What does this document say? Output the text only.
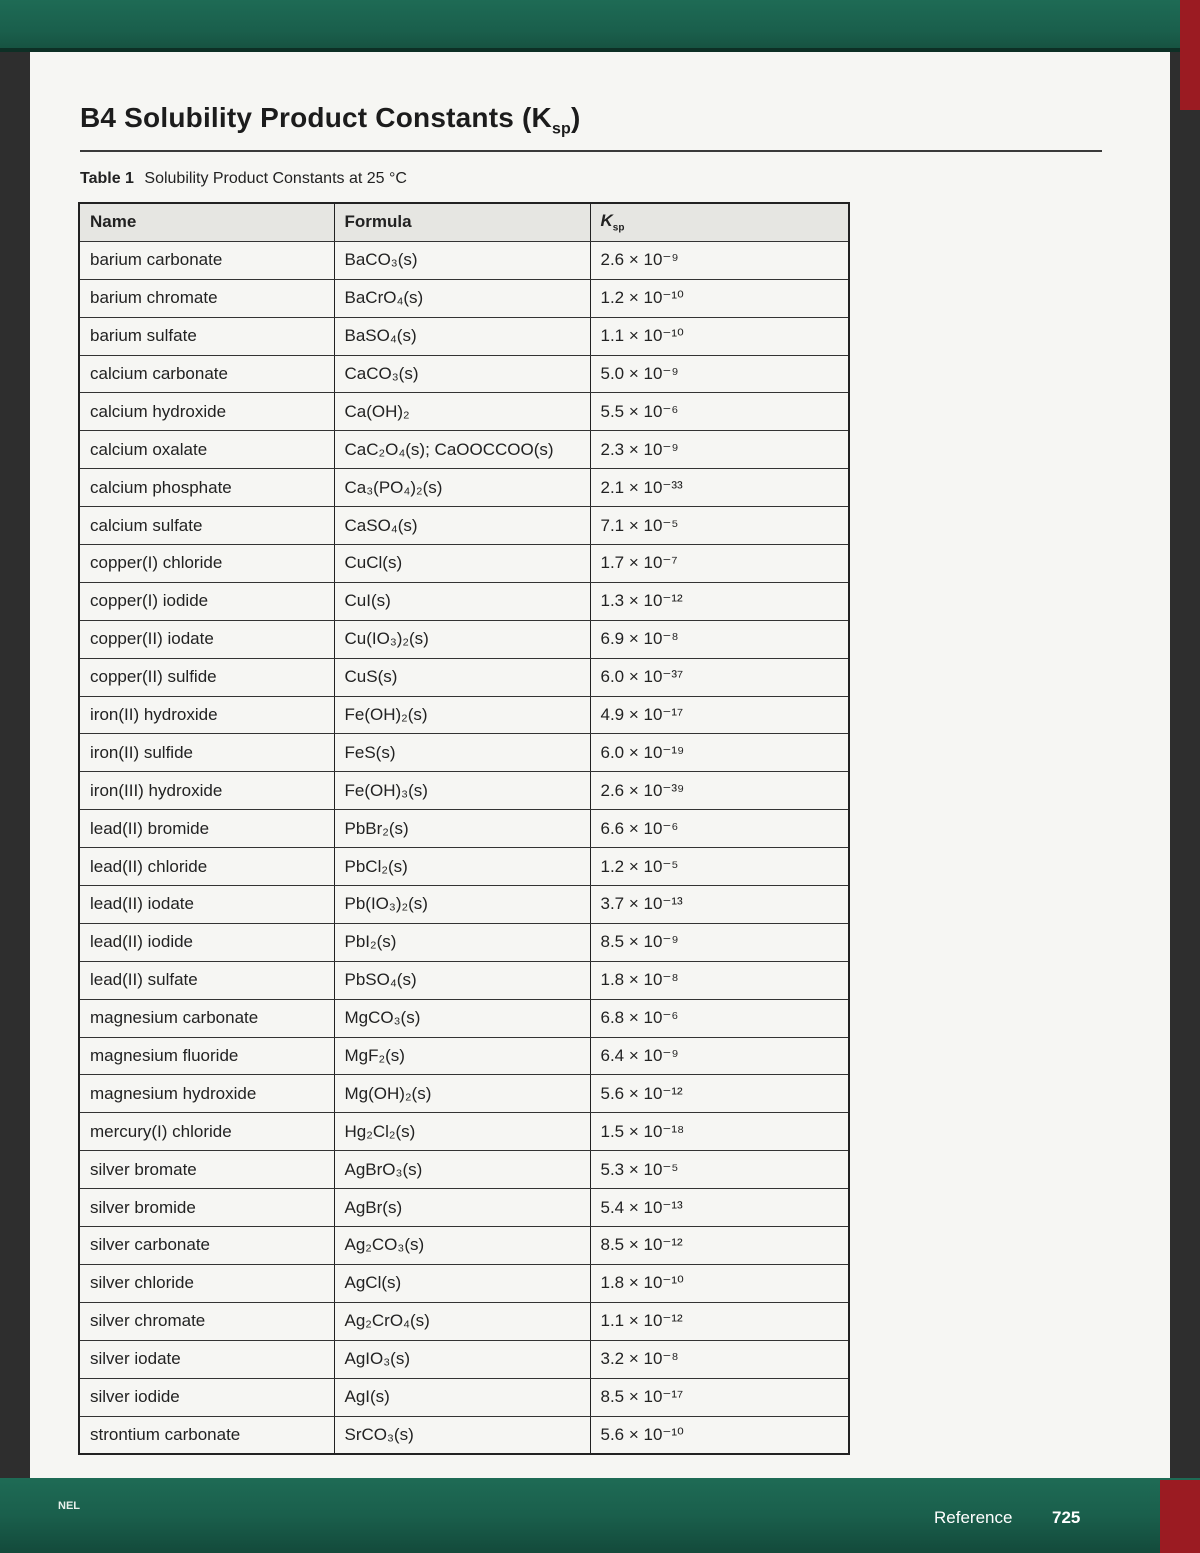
B4 Solubility Product Constants $(K_{sp})$
Table 1 Solubility Product Constants at 25 °C
Name	Formula	$K_{sp}$
barium carbonate	BaCO₃(s)	2.6 × 10⁻⁹
barium chromate	BaCrO₄(s)	1.2 × 10⁻¹⁰
barium sulfate	BaSO₄(s)	1.1 × 10⁻¹⁰
calcium carbonate	CaCO₃(s)	5.0 × 10⁻⁹
calcium hydroxide	Ca(OH)₂	5.5 × 10⁻⁶
calcium oxalate	CaC₂O₄(s); CaOOCCOO(s)	2.3 × 10⁻⁹
calcium phosphate	Ca₃(PO₄)₂(s)	2.1 × 10⁻³³
calcium sulfate	CaSO₄(s)	7.1 × 10⁻⁵
copper(I) chloride	CuCl(s)	1.7 × 10⁻⁷
copper(I) iodide	CuI(s)	1.3 × 10⁻¹²
copper(II) iodate	Cu(IO₃)₂(s)	6.9 × 10⁻⁸
copper(II) sulfide	CuS(s)	6.0 × 10⁻³⁷
iron(II) hydroxide	Fe(OH)₂(s)	4.9 × 10⁻¹⁷
iron(II) sulfide	FeS(s)	6.0 × 10⁻¹⁹
iron(III) hydroxide	Fe(OH)₃(s)	2.6 × 10⁻³⁹
lead(II) bromide	PbBr₂(s)	6.6 × 10⁻⁶
lead(II) chloride	PbCl₂(s)	1.2 × 10⁻⁵
lead(II) iodate	Pb(IO₃)₂(s)	3.7 × 10⁻¹³
lead(II) iodide	PbI₂(s)	8.5 × 10⁻⁹
lead(II) sulfate	PbSO₄(s)	1.8 × 10⁻⁸
magnesium carbonate	MgCO₃(s)	6.8 × 10⁻⁶
magnesium fluoride	MgF₂(s)	6.4 × 10⁻⁹
magnesium hydroxide	Mg(OH)₂(s)	5.6 × 10⁻¹²
mercury(I) chloride	Hg₂Cl₂(s)	1.5 × 10⁻¹⁸
silver bromate	AgBrO₃(s)	5.3 × 10⁻⁵
silver bromide	AgBr(s)	5.4 × 10⁻¹³
silver carbonate	Ag₂CO₃(s)	8.5 × 10⁻¹²
silver chloride	AgCl(s)	1.8 × 10⁻¹⁰
silver chromate	Ag₂CrO₄(s)	1.1 × 10⁻¹²
silver iodate	AgIO₃(s)	3.2 × 10⁻⁸
silver iodide	AgI(s)	8.5 × 10⁻¹⁷
strontium carbonate	SrCO₃(s)	5.6 × 10⁻¹⁰
NEL
Reference 725
